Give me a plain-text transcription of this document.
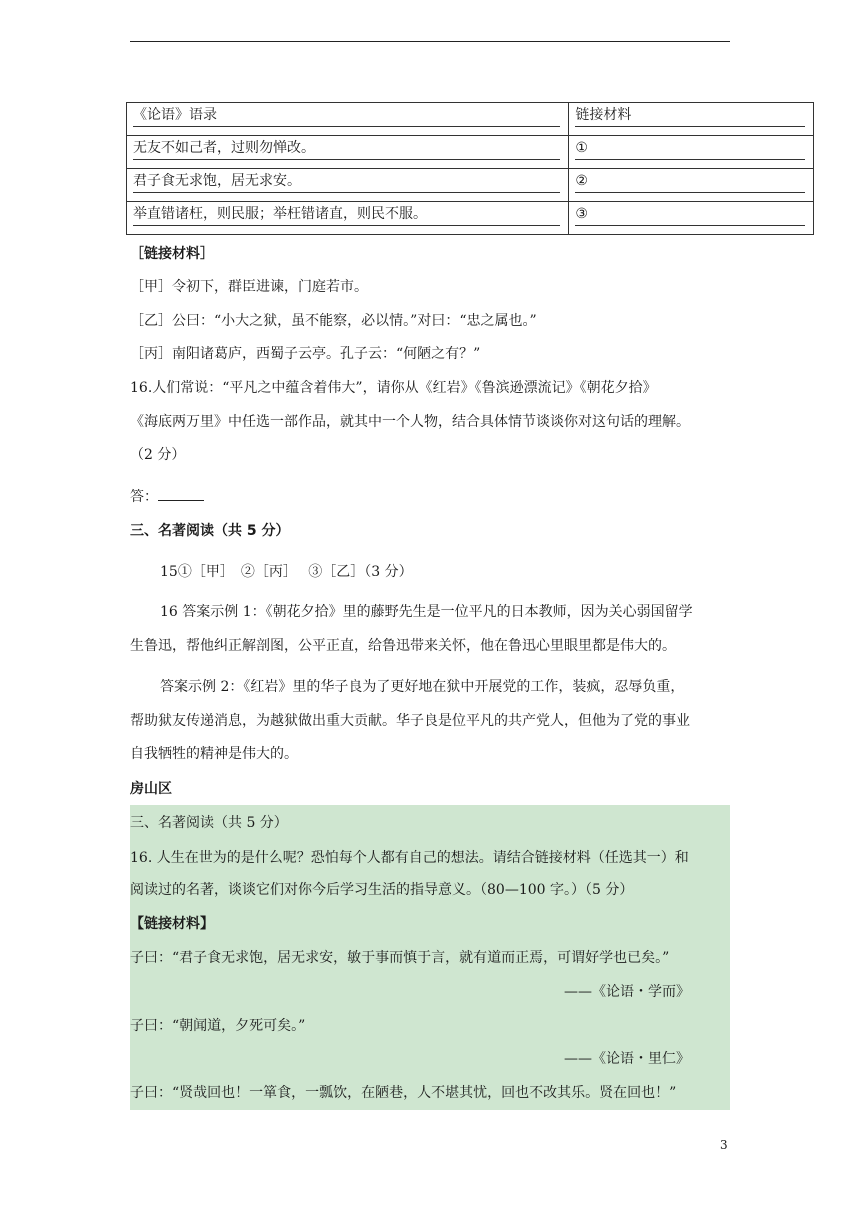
《论语》语录	链接材料

无友不如己者，过则勿惮改。	①

君子食无求饱，居无求安。	②

举直错诸枉，则民服；举枉错诸直，则民不服。	③
［链接材料］
［甲］令初下，群臣进谏，门庭若市。
［乙］公曰：“小大之狱，虽不能察，必以情。”对曰：“忠之属也。”
［丙］南阳诸葛庐，西蜀子云亭。孔子云：“何陋之有？”
16.人们常说：“平凡之中蕴含着伟大”，请你从《红岩》《鲁滨逊漂流记》《朝花夕拾》
《海底两万里》中任选一部作品，就其中一个人物，结合具体情节谈谈你对这句话的理解。
（2 分）
答：
三、名著阅读（共 5 分）
15①［甲］　②［丙］　 ③［乙］（3 分）
16 答案示例 1：《朝花夕拾》里的藤野先生是一位平凡的日本教师，因为关心弱国留学
生鲁迅，帮他纠正解剖图，公平正直，给鲁迅带来关怀，他在鲁迅心里眼里都是伟大的。
答案示例 2：《红岩》里的华子良为了更好地在狱中开展党的工作，装疯，忍辱负重，
帮助狱友传递消息，为越狱做出重大贡献。华子良是位平凡的共产党人，但他为了党的事业
自我牺牲的精神是伟大的。
房山区
三、名著阅读（共 5 分）
16. 人生在世为的是什么呢？恐怕每个人都有自己的想法。请结合链接材料（任选其一）和
阅读过的名著，谈谈它们对你今后学习生活的指导意义。（80—100 字。）（5 分）
【链接材料】
子曰：“君子食无求饱，居无求安，敏于事而慎于言，就有道而正焉，可谓好学也已矣。”
——《论语・学而》
子曰：“朝闻道，夕死可矣。”
——《论语・里仁》
子曰：“贤哉回也！一箪食，一瓢饮，在陋巷，人不堪其忧，回也不改其乐。贤在回也！”
3
